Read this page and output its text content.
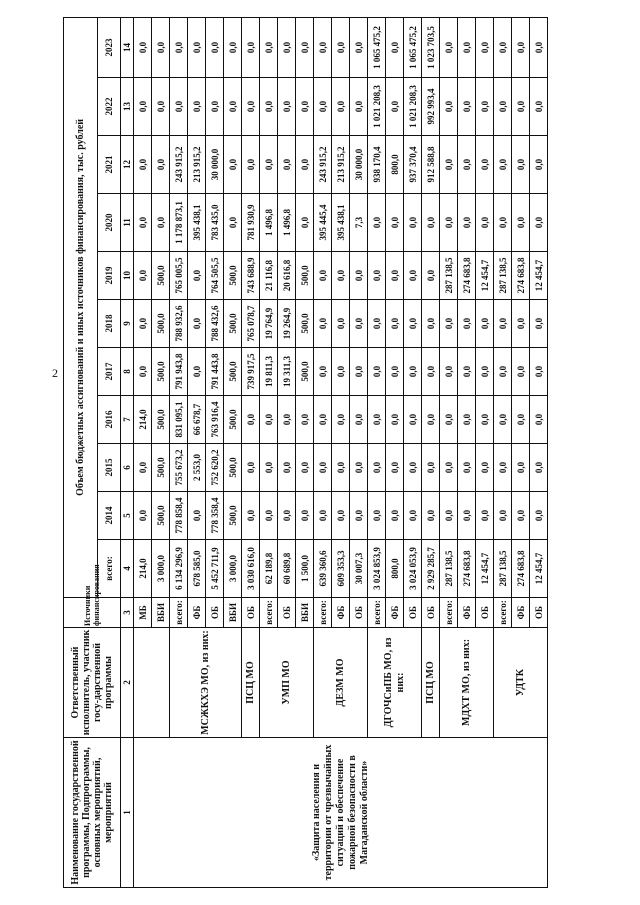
2
Наименование государственной программы, Подпрограммы, основных мероприятий, мероприятий	Ответственный исполнитель, участник госу-дарственной программы	Источники финансирования	Объем бюджетных ассигнований и иных источников финансирования, тыс. рублей										
			всего:	2014	2015	2016	2017	2018	2019	2020	2021	2022	2023
1	2	3	4	5	6	7	8	9	10	11	12	13	14
«Защита населения и территории от чрезвычайных ситуаций и обеспечение пожарной безопасности в Магаданской области»		МБ	214,0	0,0	0,0	214,0	0,0	0,0	0,0	0,0	0,0	0,0	0,0
		ВБИ	3 000,0	500,0	500,0	500,0	500,0	500,0	500,0	0,0	0,0	0,0	0,0
	МСЖКХЭ МО, из них:	всего:	6 134 296,9	778 858,4	755 673,2	831 095,1	791 943,8	788 932,6	765 005,5	1 178 873,1	243 915,2	0,0	0,0
		ФБ	678 585,0	0,0	2 553,0	66 678,7	0,0	0,0	0,0	395 438,1	213 915,2	0,0	0,0
		ОБ	5 452 711,9	778 358,4	752 620,2	763 916,4	791 443,8	788 432,6	764 505,5	783 435,0	30 000,0	0,0	0,0
		ВБИ	3 000,0	500,0	500,0	500,0	500,0	500,0	500,0	0,0	0,0	0,0	0,0
	ПСЦ МО	ОБ	3 030 616,0	0,0	0,0	0,0	739 917,5	765 078,7	743 688,9	781 930,9	0,0	0,0	0,0
	УМП МО	всего:	62 189,8	0,0	0,0	0,0	19 811,3	19 764,9	21 116,8	1 496,8	0,0	0,0	0,0
		ОБ	60 689,8	0,0	0,0	0,0	19 311,3	19 264,9	20 616,8	1 496,8	0,0	0,0	0,0
		ВБИ	1 500,0	0,0	0,0	0,0	500,0	500,0	500,0	0,0	0,0	0,0	0,0
	ДЕЗМ МО	всего:	639 360,6	0,0	0,0	0,0	0,0	0,0	0,0	395 445,4	243 915,2	0,0	0,0
		ФБ	609 353,3	0,0	0,0	0,0	0,0	0,0	0,0	395 438,1	213 915,2	0,0	0,0
		ОБ	30 007,3	0,0	0,0	0,0	0,0	0,0	0,0	7,3	30 000,0	0,0	0,0
	ДГОЧСиПБ МО, из них:	всего:	3 024 853,9	0,0	0,0	0,0	0,0	0,0	0,0	0,0	938 170,4	1 021 208,3	1 065 475,2
		ФБ	800,0	0,0	0,0	0,0	0,0	0,0	0,0	0,0	800,0	0,0	0,0
		ОБ	3 024 053,9	0,0	0,0	0,0	0,0	0,0	0,0	0,0	937 370,4	1 021 208,3	1 065 475,2
	ПСЦ МО	ОБ	2 929 285,7	0,0	0,0	0,0	0,0	0,0	0,0	0,0	912 588,8	992 993,4	1 023 703,5
	МДХТ МО, из них:	всего:	287 138,5	0,0	0,0	0,0	0,0	0,0	287 138,5	0,0	0,0	0,0	0,0
		ФБ	274 683,8	0,0	0,0	0,0	0,0	0,0	274 683,8	0,0	0,0	0,0	0,0
		ОБ	12 454,7	0,0	0,0	0,0	0,0	0,0	12 454,7	0,0	0,0	0,0	0,0
	УДТК	всего:	287 138,5	0,0	0,0	0,0	0,0	0,0	287 138,5	0,0	0,0	0,0	0,0
		ФБ	274 683,8	0,0	0,0	0,0	0,0	0,0	274 683,8	0,0	0,0	0,0	0,0
		ОБ	12 454,7	0,0	0,0	0,0	0,0	0,0	12 454,7	0,0	0,0	0,0	0,0
